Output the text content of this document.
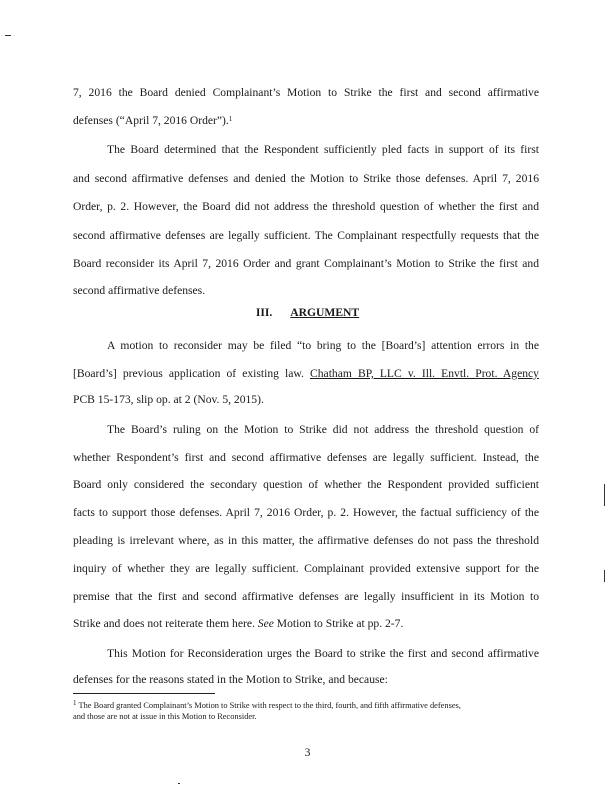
7, 2016 the Board denied Complainant’s Motion to Strike the first and second affirmative
defenses (“April 7, 2016 Order”).$^1$
The Board determined that the Respondent sufficiently pled facts in support of its first
and second affirmative defenses and denied the Motion to Strike those defenses. April 7, 2016
Order, p. 2. However, the Board did not address the threshold question of whether the first and
second affirmative defenses are legally sufficient. The Complainant respectfully requests that the
Board reconsider its April 7, 2016 Order and grant Complainant’s Motion to Strike the first and
second affirmative defenses.
III. ARGUMENT
A motion to reconsider may be filed “to bring to the [Board’s] attention errors in the
[Board’s] previous application of existing law. Chatham BP, LLC v. Ill. Envtl. Prot. Agency
PCB 15-173, slip op. at 2 (Nov. 5, 2015).
The Board’s ruling on the Motion to Strike did not address the threshold question of
whether Respondent’s first and second affirmative defenses are legally sufficient. Instead, the
Board only considered the secondary question of whether the Respondent provided sufficient
facts to support those defenses. April 7, 2016 Order, p. 2. However, the factual sufficiency of the
pleading is irrelevant where, as in this matter, the affirmative defenses do not pass the threshold
inquiry of whether they are legally sufficient. Complainant provided extensive support for the
premise that the first and second affirmative defenses are legally insufficient in its Motion to
Strike and does not reiterate them here. See Motion to Strike at pp. 2-7.
This Motion for Reconsideration urges the Board to strike the first and second affirmative
defenses for the reasons stated in the Motion to Strike, and because:
$^1$ The Board granted Complainant’s Motion to Strike with respect to the third, fourth, and fifth affirmative defenses,
and those are not at issue in this Motion to Reconsider.
3
